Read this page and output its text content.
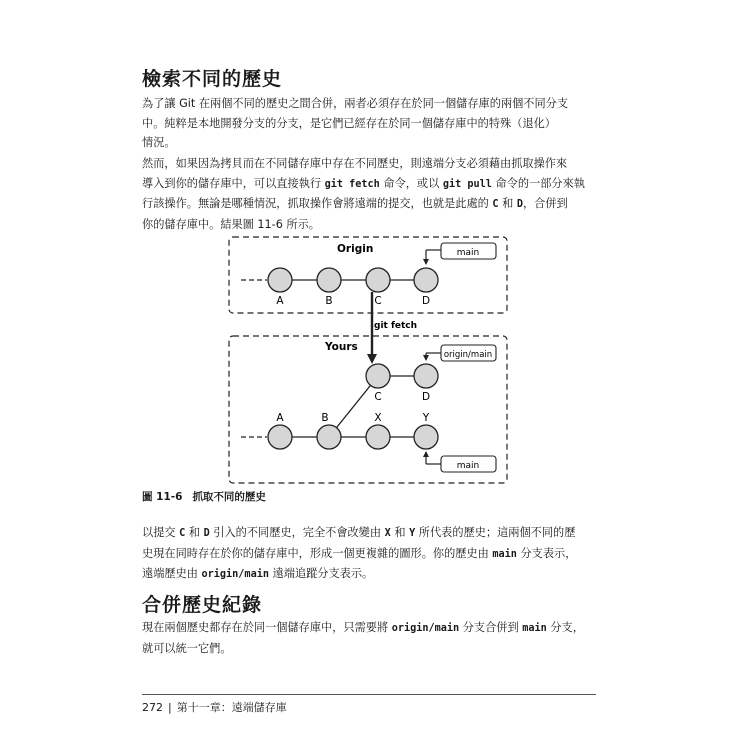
檢索不同的歷史
為了讓 Git 在兩個不同的歷史之間合併，兩者必須存在於同一個儲存庫的兩個不同分支
中。純粹是本地開發分支的分支，是它們已經存在於同一個儲存庫中的特殊（退化）
情況。
然而，如果因為拷貝而在不同儲存庫中存在不同歷史，則遠端分支必須藉由抓取操作來
導入到你的儲存庫中，可以直接執行 git fetch 命令，或以 git pull 命令的一部分來執
行該操作。無論是哪種情況，抓取操作會將遠端的提交，也就是此處的 C 和 D，合併到
你的儲存庫中。結果圖 11-6 所示。
Origin
A	B	C	D
main
git fetch
Yours
C	D
origin/main
A	B	X	Y
main
圖 11-6 抓取不同的歷史
以提交 C 和 D 引入的不同歷史，完全不會改變由 X 和 Y 所代表的歷史；這兩個不同的歷
史現在同時存在於你的儲存庫中，形成一個更複雜的圖形。你的歷史由 main 分支表示，
遠端歷史由 origin/main 遠端追蹤分支表示。
合併歷史紀錄
現在兩個歷史都存在於同一個儲存庫中，只需要將 origin/main 分支合併到 main 分支，
就可以統一它們。
272 | 第十一章：遠端儲存庫
